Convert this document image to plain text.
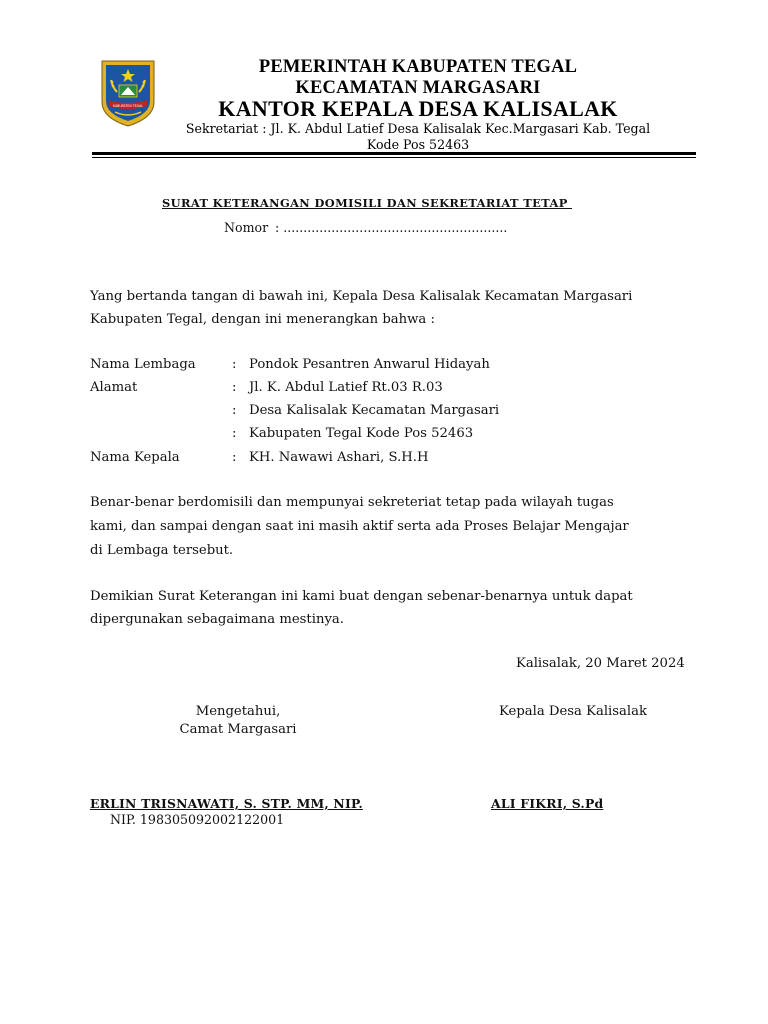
KABUPATEN TEGAL
PEMERINTAH KABUPATEN TEGAL
KECAMATAN MARGASARI
KANTOR KEPALA DESA KALISALAK
Sekretariat : Jl. K. Abdul Latief Desa Kalisalak Kec.Margasari Kab. Tegal
Kode Pos 52463
SURAT KETERANGAN DOMISILI DAN SEKRETARIAT TETAP
Nomor : ........................................................
Yang bertanda tangan di bawah ini, Kepala Desa Kalisalak Kecamatan Margasari
Kabupaten Tegal, dengan ini menerangkan bahwa :
Nama Lembaga	: Pondok Pesantren Anwarul Hidayah
Alamat	: Jl. K. Abdul Latief Rt.03 R.03
: Desa Kalisalak Kecamatan Margasari
: Kabupaten Tegal Kode Pos 52463
Nama Kepala	: KH. Nawawi Ashari, S.H.H
Benar-benar berdomisili dan mempunyai sekreteriat tetap pada wilayah tugas
kami, dan sampai dengan saat ini masih aktif serta ada Proses Belajar Mengajar
di Lembaga tersebut.
Demikian Surat Keterangan ini kami buat dengan sebenar-benarnya untuk dapat
dipergunakan sebagaimana mestinya.
Kalisalak, 20 Maret 2024
Mengetahui,
Camat Margasari
Kepala Desa Kalisalak
ERLIN TRISNAWATI, S. STP. MM, NIP.
NIP. 198305092002122001
ALI FIKRI, S.Pd
